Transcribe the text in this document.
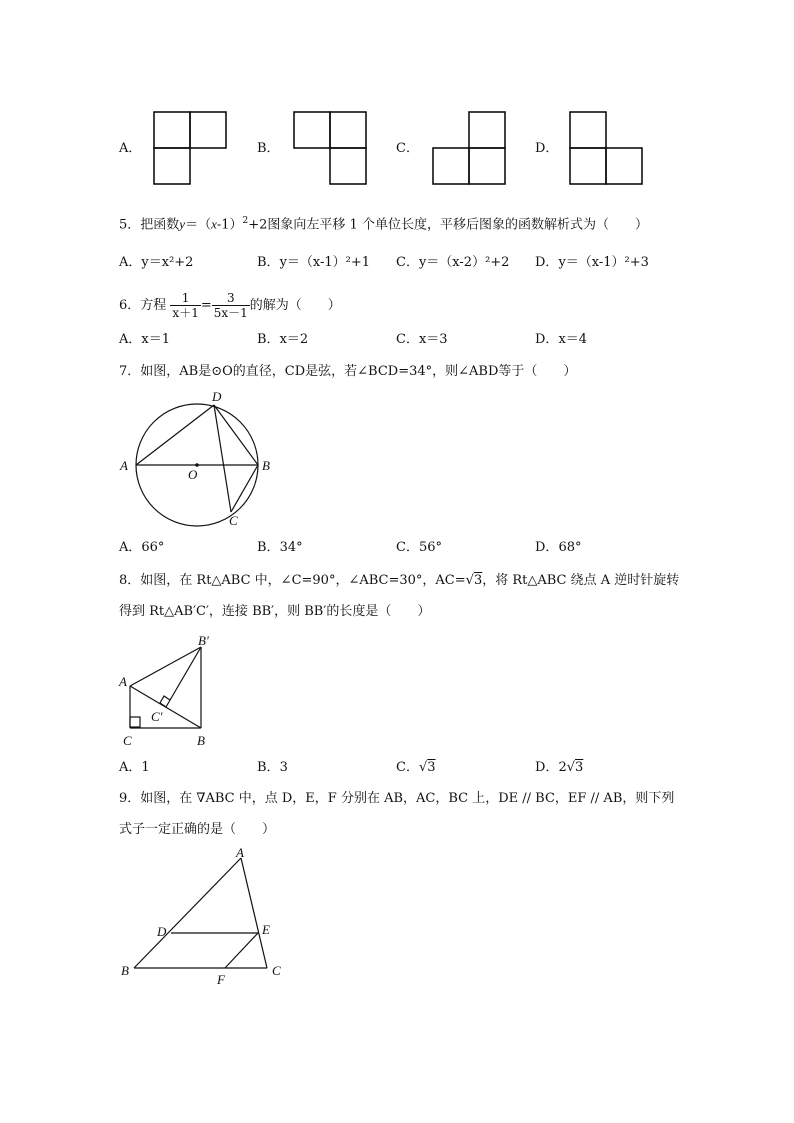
A．	B．	C．	D．
5．把函数$y=(x-1)^2+2$图象向左平移 1 个单位长度，平移后图象的函数解析式为（　　）
A．y＝x²+2	B．y＝（x-1）²+1 C．y＝（x-2）²+2 D．y＝（x-1）²+3
6．方程 $\frac{1}{x+1} = \frac{3}{5x-1}$ 的解为（　　）
A．x＝1	B．x＝2	C．x＝3	D．x＝4
7．如图，AB是⊙O的直径，CD是弦，若∠BCD=34°，则∠ABD等于（　　）
A	B
C
D
O
A．66°	B．34°	C．56°	D．68°
8．如图，在 Rt△ABC 中，∠C=90°，∠ABC=30°，AC=√3，将 Rt△ABC 绕点 A 逆时针旋转
得到 Rt△AB′C′，连接 BB′，则 BB′的长度是（　　）
A
B
C
B′
C′
A．1	B．3	C．√3	D．2√3
9．如图，在 ∇ABC 中，点 D，E，F 分别在 AB，AC，BC 上，DE // BC，EF // AB，则下列
式子一定正确的是（　　）
A
B	C
D	E
F
